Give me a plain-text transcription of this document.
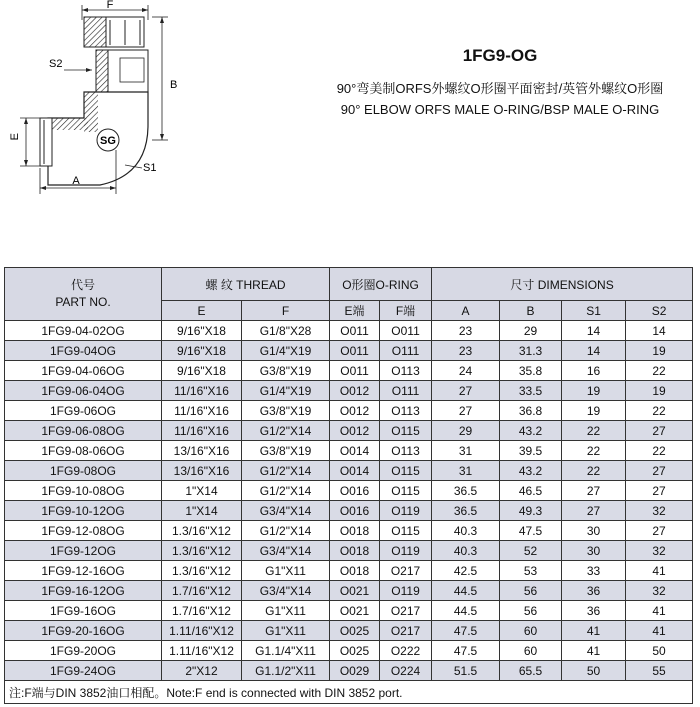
F
S2
B
E
A
S1
SG
1FG9-OG
90°弯美制ORFS外螺纹O形圈平面密封/英管外螺纹O形圈
90° ELBOW ORFS MALE O-RING/BSP MALE O-RING
代号
PART NO.	螺 纹 THREAD		O形圈O-RING		尺寸 DIMENSIONS			
	E	F	E端	F端	A	B	S1	S2
1FG9-04-02OG	9/16"X18	G1/8"X28	O011	O011	23	29	14	14
1FG9-04OG	9/16"X18	G1/4"X19	O011	O111	23	31.3	14	19
1FG9-04-06OG	9/16"X18	G3/8"X19	O011	O113	24	35.8	16	22
1FG9-06-04OG	11/16"X16	G1/4"X19	O012	O111	27	33.5	19	19
1FG9-06OG	11/16"X16	G3/8"X19	O012	O113	27	36.8	19	22
1FG9-06-08OG	11/16"X16	G1/2"X14	O012	O115	29	43.2	22	27
1FG9-08-06OG	13/16"X16	G3/8"X19	O014	O113	31	39.5	22	22
1FG9-08OG	13/16"X16	G1/2"X14	O014	O115	31	43.2	22	27
1FG9-10-08OG	1"X14	G1/2"X14	O016	O115	36.5	46.5	27	27
1FG9-10-12OG	1"X14	G3/4"X14	O016	O119	36.5	49.3	27	32
1FG9-12-08OG	1.3/16"X12	G1/2"X14	O018	O115	40.3	47.5	30	27
1FG9-12OG	1.3/16"X12	G3/4"X14	O018	O119	40.3	52	30	32
1FG9-12-16OG	1.3/16"X12	G1"X11	O018	O217	42.5	53	33	41
1FG9-16-12OG	1.7/16"X12	G3/4"X14	O021	O119	44.5	56	36	32
1FG9-16OG	1.7/16"X12	G1"X11	O021	O217	44.5	56	36	41
1FG9-20-16OG	1.11/16"X12	G1"X11	O025	O217	47.5	60	41	41
1FG9-20OG	1.11/16"X12	G1.1/4"X11	O025	O222	47.5	60	41	50
1FG9-24OG	2"X12	G1.1/2"X11	O029	O224	51.5	65.5	50	55
注:F端与DIN 3852油口相配。Note:F end is connected with DIN 3852 port.								
